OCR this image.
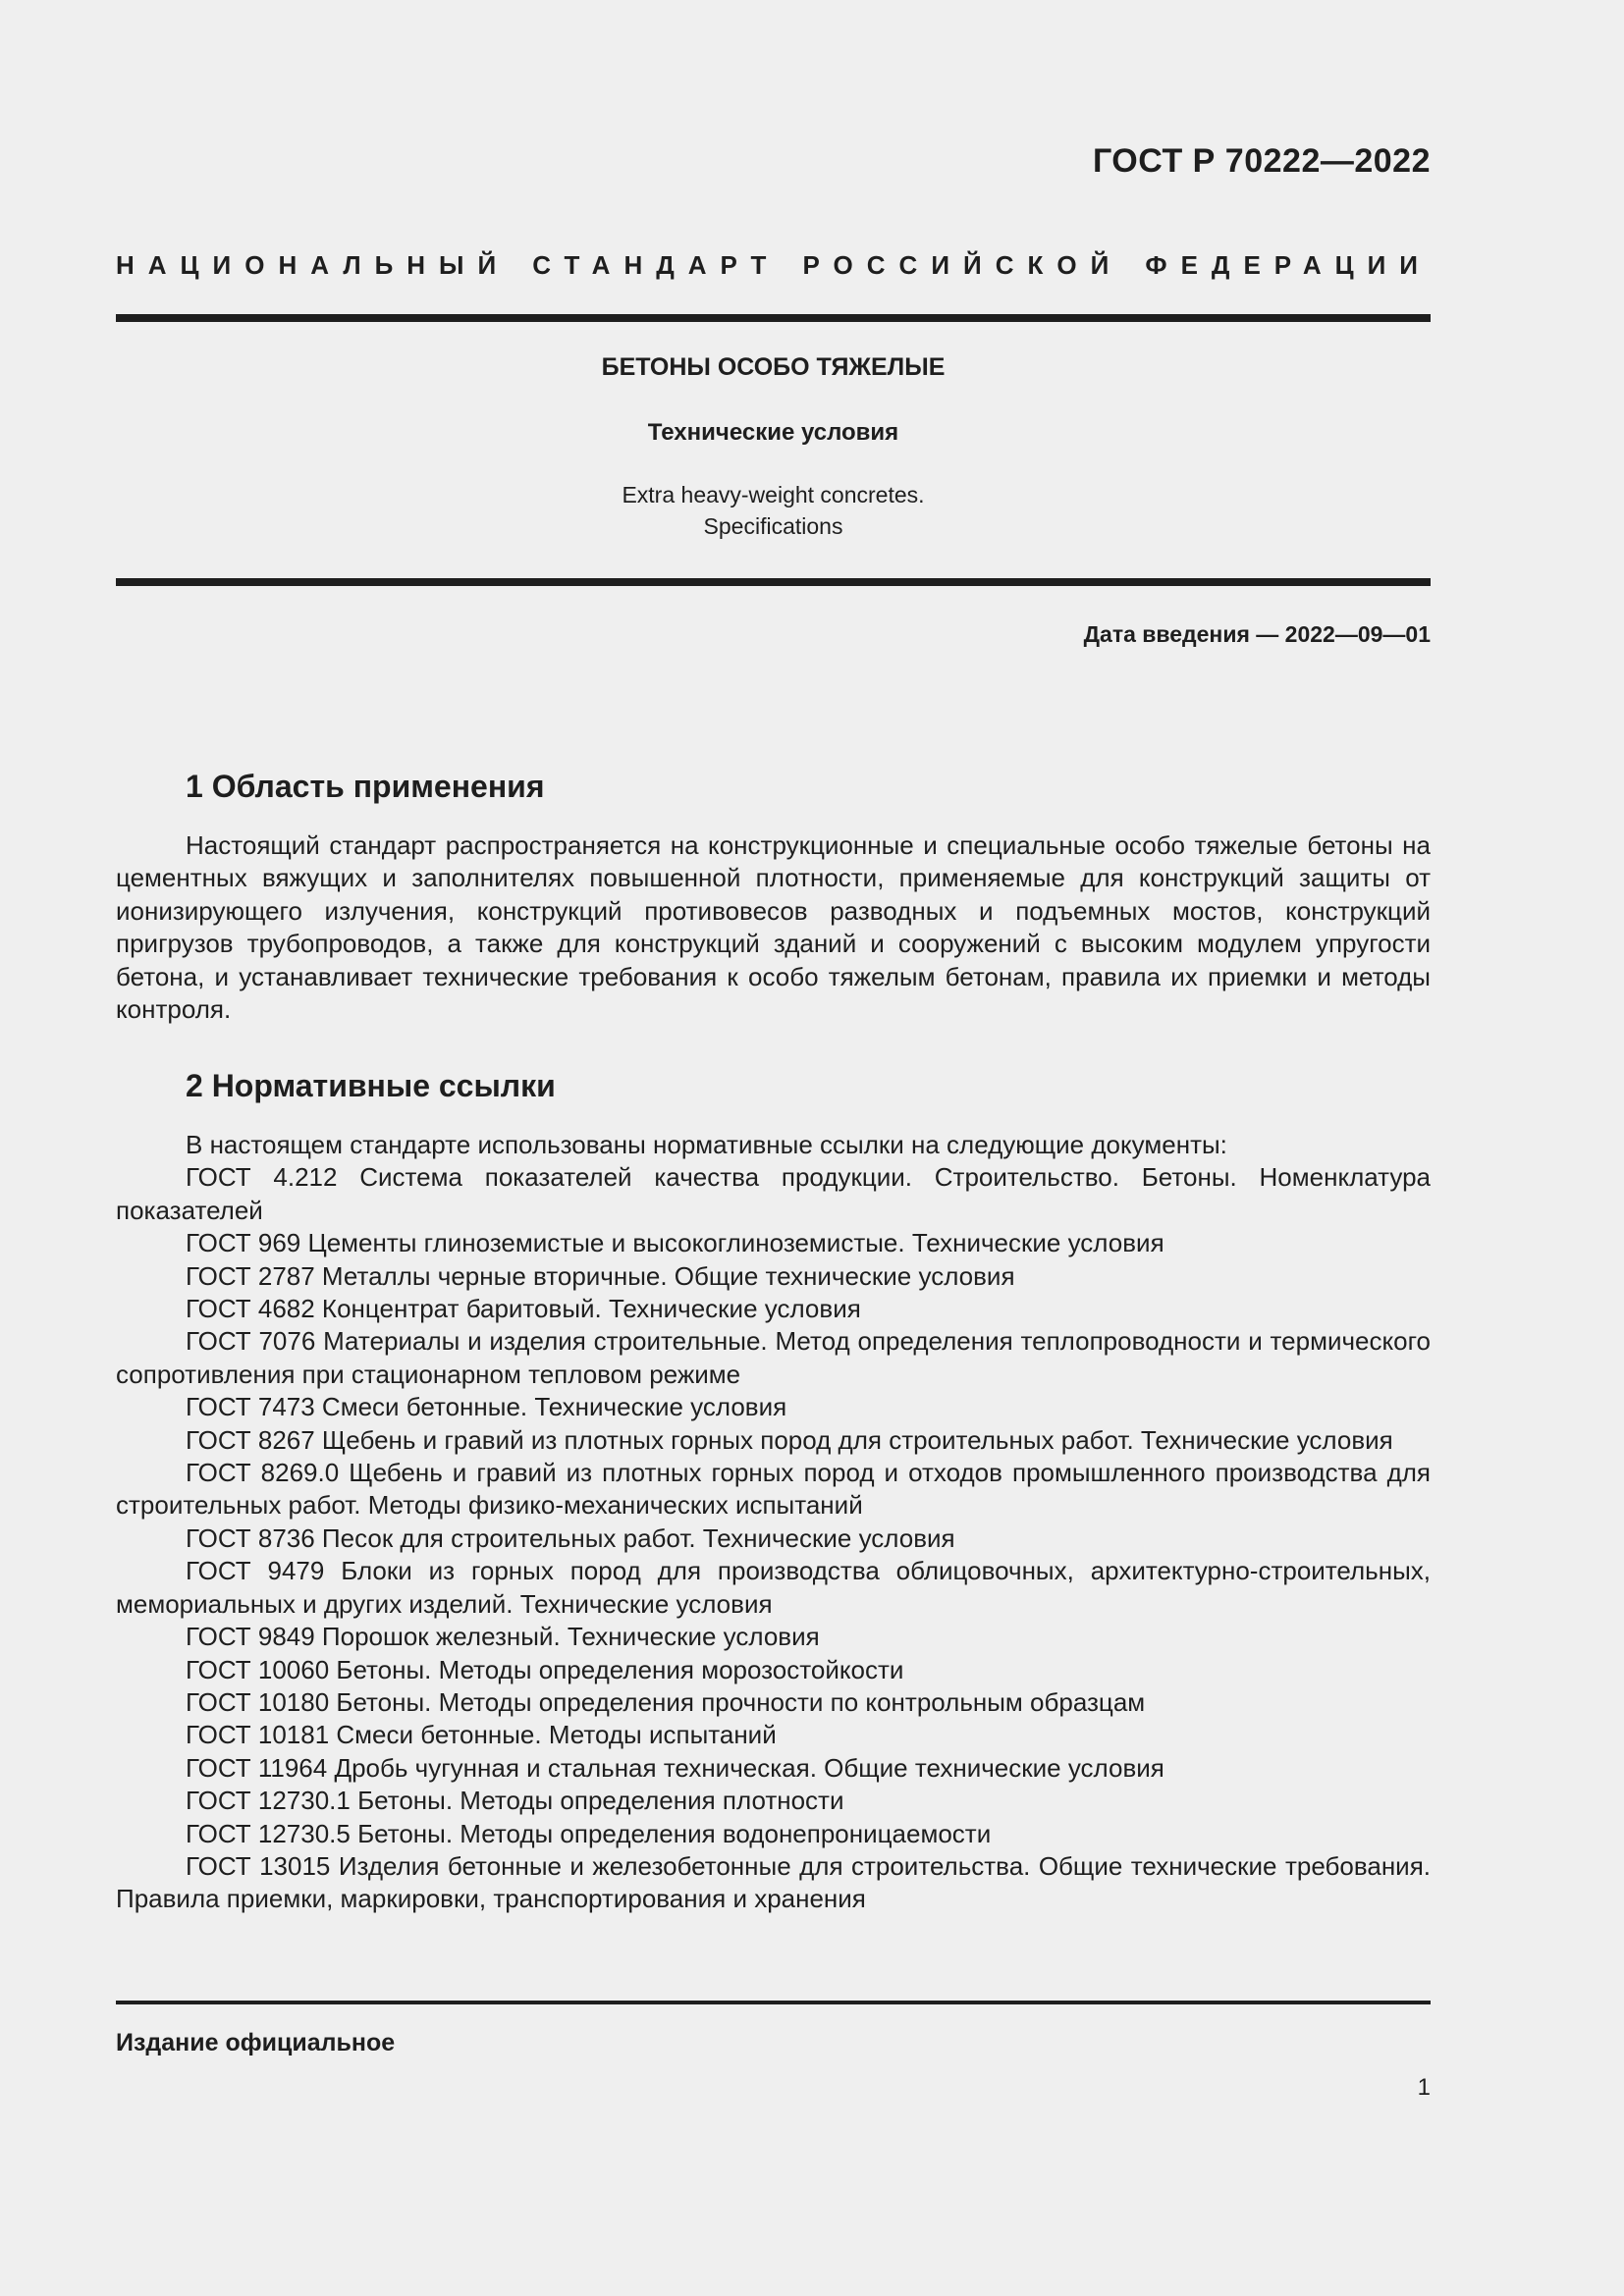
ГОСТ Р 70222—2022
НАЦИОНАЛЬНЫЙ СТАНДАРТ РОССИЙСКОЙ ФЕДЕРАЦИИ
БЕТОНЫ ОСОБО ТЯЖЕЛЫЕ
Технические условия
Extra heavy-weight concretes.
Specifications
Дата введения — 2022—09—01
1 Область применения
Настоящий стандарт распространяется на конструкционные и специальные особо тяжелые бетоны на цементных вяжущих и заполнителях повышенной плотности, применяемые для конструкций защиты от ионизирующего излучения, конструкций противовесов разводных и подъемных мостов, конструкций пригрузов трубопроводов, а также для конструкций зданий и сооружений с высоким модулем упругости бетона, и устанавливает технические требования к особо тяжелым бетонам, правила их приемки и методы контроля.
2 Нормативные ссылки

В настоящем стандарте использованы нормативные ссылки на следующие документы:

ГОСТ 4.212 Система показателей качества продукции. Строительство. Бетоны. Номенклатура показателей

ГОСТ 969 Цементы глиноземистые и высокоглиноземистые. Технические условия

ГОСТ 2787 Металлы черные вторичные. Общие технические условия

ГОСТ 4682 Концентрат баритовый. Технические условия

ГОСТ 7076 Материалы и изделия строительные. Метод определения теплопроводности и термического сопротивления при стационарном тепловом режиме

ГОСТ 7473 Смеси бетонные. Технические условия

ГОСТ 8267 Щебень и гравий из плотных горных пород для строительных работ. Технические условия

ГОСТ 8269.0 Щебень и гравий из плотных горных пород и отходов промышленного производства для строительных работ. Методы физико-механических испытаний

ГОСТ 8736 Песок для строительных работ. Технические условия

ГОСТ 9479 Блоки из горных пород для производства облицовочных, архитектурно-строительных, мемориальных и других изделий. Технические условия

ГОСТ 9849 Порошок железный. Технические условия

ГОСТ 10060 Бетоны. Методы определения морозостойкости

ГОСТ 10180 Бетоны. Методы определения прочности по контрольным образцам

ГОСТ 10181 Смеси бетонные. Методы испытаний

ГОСТ 11964 Дробь чугунная и стальная техническая. Общие технические условия

ГОСТ 12730.1 Бетоны. Методы определения плотности

ГОСТ 12730.5 Бетоны. Методы определения водонепроницаемости

ГОСТ 13015 Изделия бетонные и железобетонные для строительства. Общие технические требования. Правила приемки, маркировки, транспортирования и хранения

Издание официальное
1
